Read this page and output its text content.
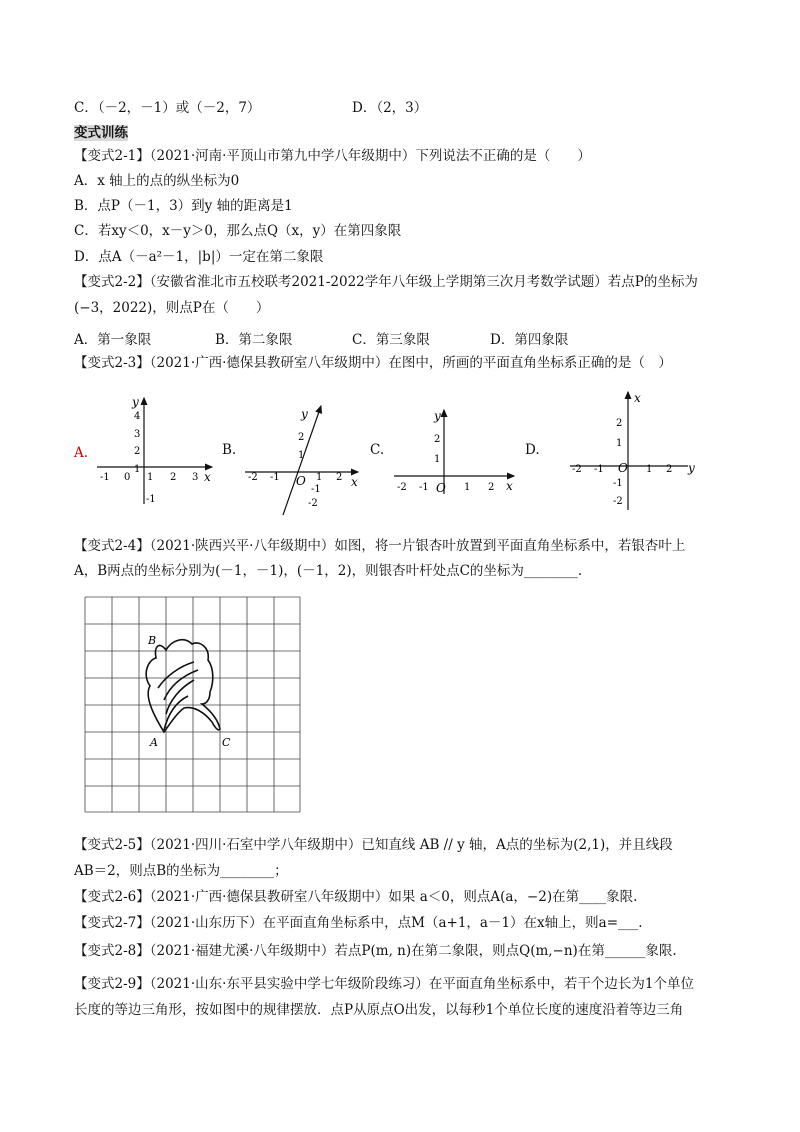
C．（－2，－1）或（－2，7）	D．（2，3）
变式训练
【变式2-1】（2021·河南·平顶山市第九中学八年级期中）下列说法不正确的是（　　）
A．x 轴上的点的纵坐标为0
B．点P（－1，3）到y 轴的距离是1
C．若xy＜0，x－y＞0，那么点Q（x，y）在第四象限
D．点A（－a²－1，|b|）一定在第二象限
【变式2-2】（安徽省淮北市五校联考2021-2022学年八年级上学期第三次月考数学试题）若点P的坐标为
(−3，2022)，则点P在（　　）
A．第一象限	B．第二象限	C．第三象限	D．第四象限
【变式2-3】（2021·广西·德保县教研室八年级期中）在图中，所画的平面直角坐标系正确的是（　）
A.	B.	C.	D.
y
x
4
3
2
1
-1
-1 0 1 2 3
y
x
O
2
1
-1
-2
-2 -1	1 2
y
x
O
2
1
-2 -1	1 2
x
y
O
2
1
-1
-2
-2 -1	1 2
【变式2-4】（2021·陕西兴平·八年级期中）如图，将一片银杏叶放置到平面直角坐标系中，若银杏叶上
A，B两点的坐标分别为(－1，－1)，(－1，2)，则银杏叶杆处点C的坐标为________.
B
A	C
【变式2-5】（2021·四川·石室中学八年级期中）已知直线 AB // y 轴，A点的坐标为(2,1)，并且线段
AB＝2，则点B的坐标为________；
【变式2-6】（2021·广西·德保县教研室八年级期中）如果 a＜0，则点A(a，−2)在第____象限.
【变式2-7】（2021·山东历下）在平面直角坐标系中，点M（a+1，a－1）在x轴上，则a=___.
【变式2-8】（2021·福建尤溪·八年级期中）若点P(m, n)在第二象限，则点Q(m,−n)在第______象限.
【变式2-9】（2021·山东·东平县实验中学七年级阶段练习）在平面直角坐标系中，若干个边长为1个单位
长度的等边三角形，按如图中的规律摆放．点P从原点O出发，以每秒1个单位长度的速度沿着等边三角
